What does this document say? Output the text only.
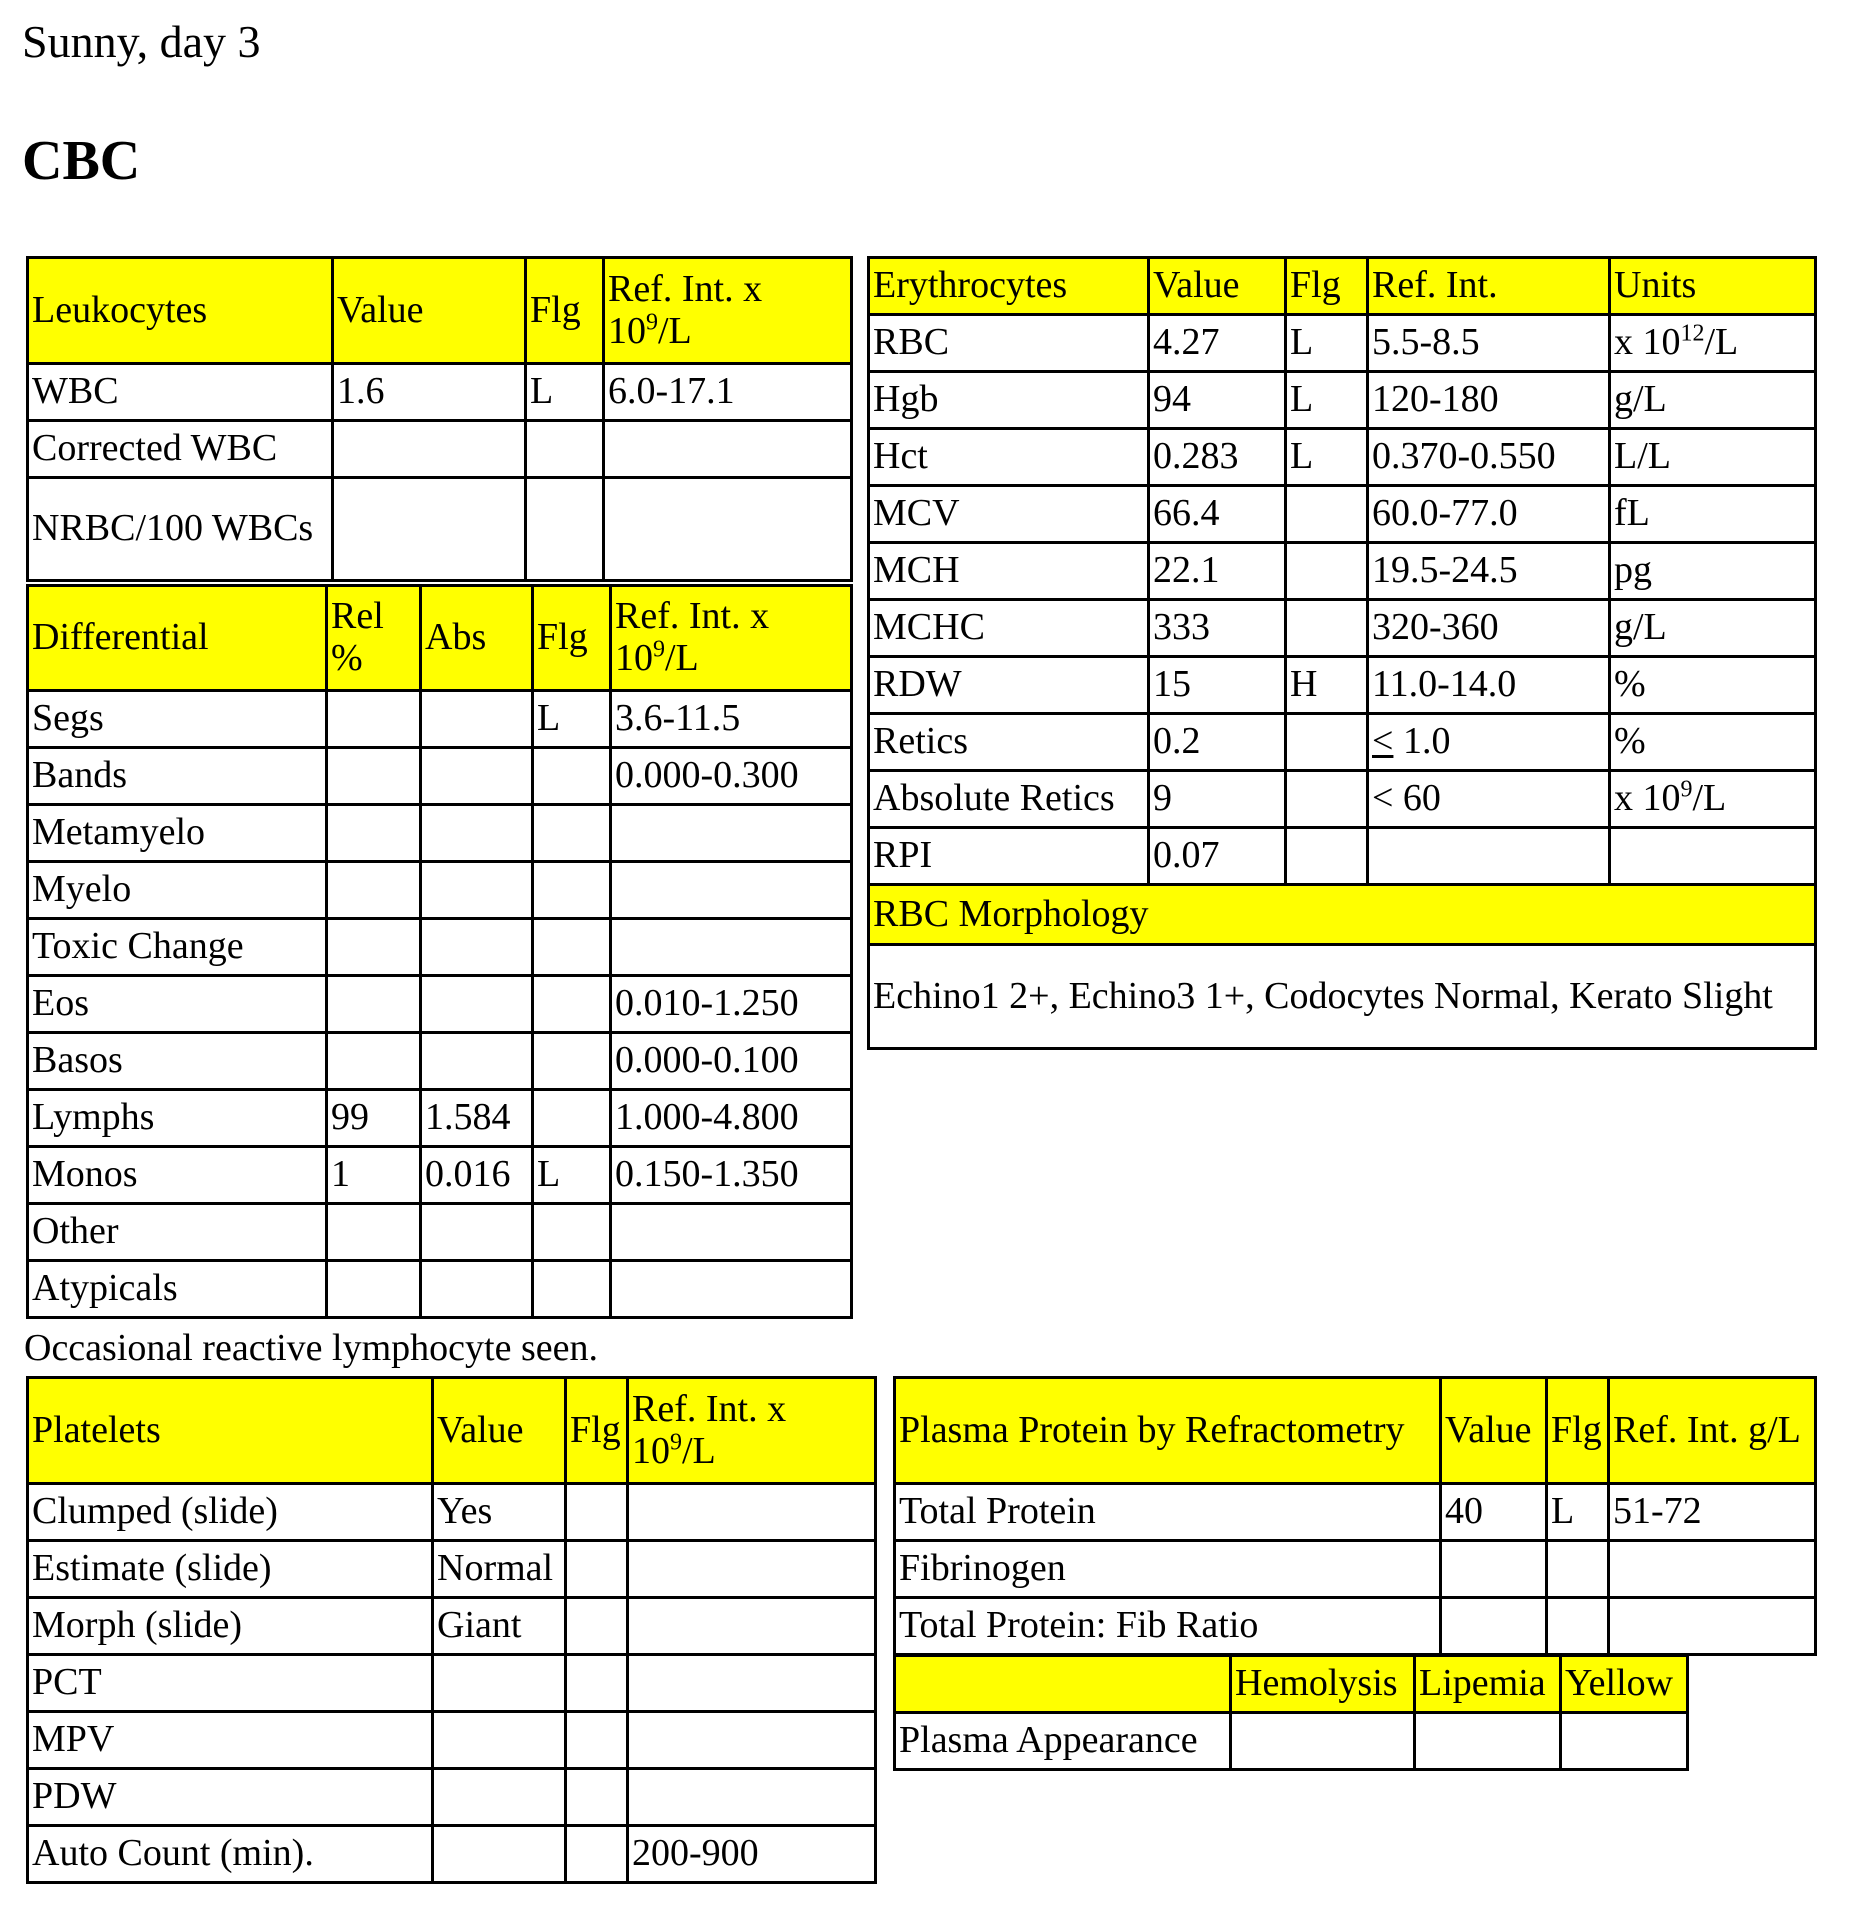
Sunny, day 3
CBC
Leukocytes	Value	Flg	Ref. Int. x $10^9/L$
WBC	1.6	L	6.0-17.1
Corrected WBC			
NRBC/100 WBCs			
Differential	Rel %	Abs	Flg	Ref. Int. x $10^9/L$
Segs			L	3.6-11.5
Bands				0.000-0.300
Metamyelo				
Myelo				
Toxic Change				
Eos				0.010-1.250
Basos				0.000-0.100
Lymphs	99	1.584		1.000-4.800
Monos	1	0.016	L	0.150-1.350
Other				
Atypicals				
Occasional reactive lymphocyte seen.
Erythrocytes	Value	Flg	Ref. Int.	Units
RBC	4.27	L	5.5-8.5	x $10^{12}/L$
Hgb	94	L	120-180	g/L
Hct	0.283	L	0.370-0.550	L/L
MCV	66.4		60.0-77.0	fL
MCH	22.1		19.5-24.5	pg
MCHC	333		320-360	g/L
RDW	15	H	11.0-14.0	%
Retics	0.2		< 1.0	%
Absolute Retics	9		< 60	x $10^9/L$
RPI	0.07			
RBC Morphology				
Echino1 2+, Echino3 1+, Codocytes Normal, Kerato Slight				
Platelets	Value	Flg	Ref. Int. x $10^9/L$
Clumped (slide)	Yes		
Estimate (slide)	Normal		
Morph (slide)	Giant		
PCT			
MPV			
PDW			
Auto Count (min).			200-900
Plasma Protein by Refractometry	Value	Flg	Ref. Int. g/L
Total Protein	40	L	51-72
Fibrinogen			
Total Protein: Fib Ratio			
	Hemolysis	Lipemia	Yellow
Plasma Appearance			
